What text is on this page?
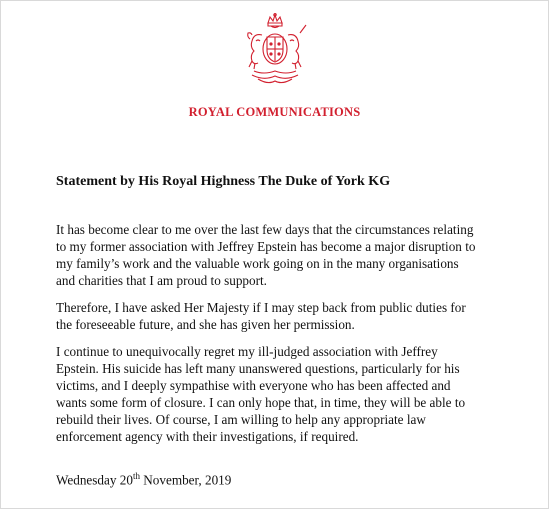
ROYAL COMMUNICATIONS
Statement by His Royal Highness The Duke of York KG

It has become clear to me over the last few days that the circumstances relating
to my former association with Jeffrey Epstein has become a major disruption to
my family’s work and the valuable work going on in the many organisations
and charities that I am proud to support.

Therefore, I have asked Her Majesty if I may step back from public duties for
the foreseeable future, and she has given her permission.

I continue to unequivocally regret my ill-judged association with Jeffrey
Epstein. His suicide has left many unanswered questions, particularly for his
victims, and I deeply sympathise with everyone who has been affected and
wants some form of closure. I can only hope that, in time, they will be able to
rebuild their lives. Of course, I am willing to help any appropriate law
enforcement agency with their investigations, if required.

Wednesday 20th November, 2019
